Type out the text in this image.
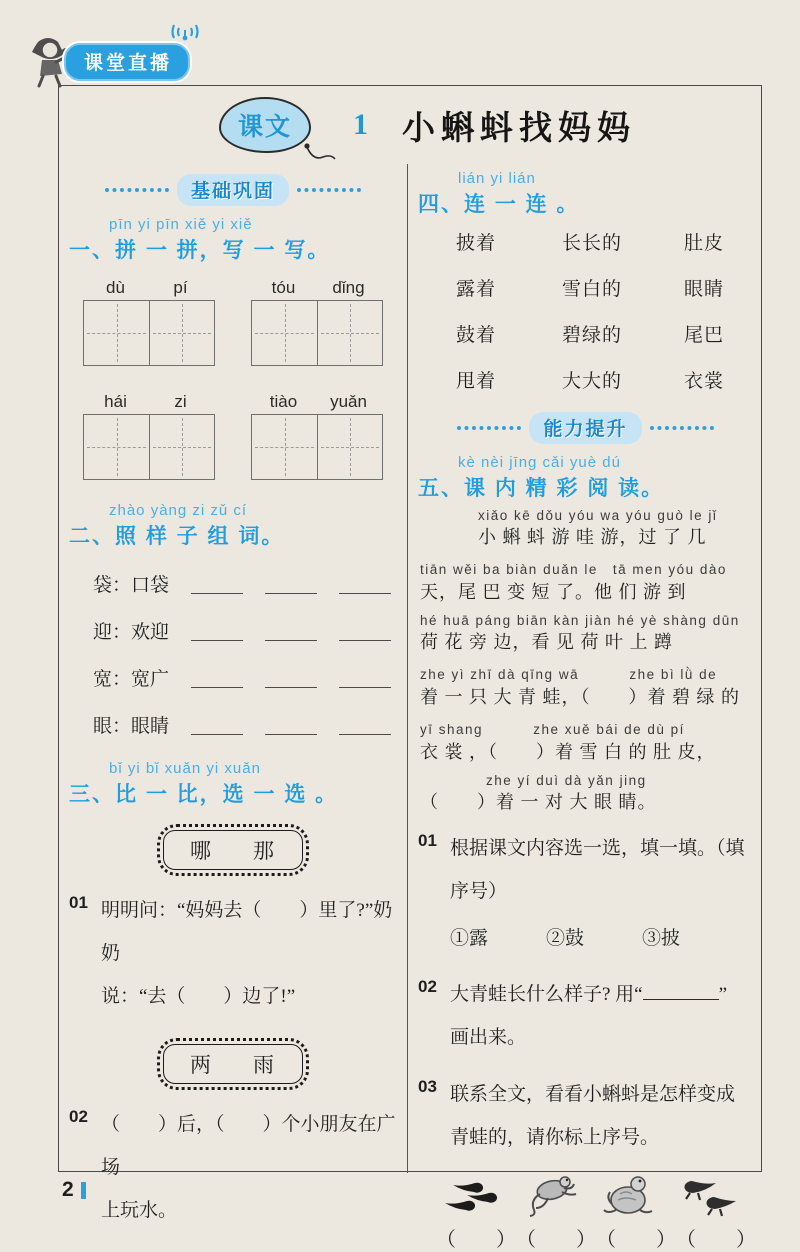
课堂直播
课文 1 小蝌蚪找妈妈
基础巩固
pīn yi pīn xiě yi xiě
一、拼 一 拼，写 一 写。
dù	pí	tóu	dǐng
hái	zi	tiào	yuǎn
zhào yàng zi zǔ cí
二、照 样 子 组 词。
袋：口袋
迎：欢迎
宽：宽广
眼：眼睛
bǐ yi bǐ xuǎn yi xuǎn
三、比 一 比，选 一 选 。
哪 那
01 明明问：“妈妈去（　　）里了?”奶奶
说：“去（　　）边了!”
两 雨
02 （　　）后，（　　）个小朋友在广场
上玩水。
lián yi lián
四、连 一 连 。
披着	长长的	肚皮
露着	雪白的	眼睛
鼓着	碧绿的	尾巴
甩着	大大的	衣裳
能力提升
kè nèi jīng cǎi yuè dú
五、课 内 精 彩 阅 读。
xiǎo kē dǒu yóu wa yóu guò le jǐ
小 蝌 蚪 游 哇 游，过 了 几
tiān wěi ba biàn duǎn le　tā men yóu dào
天，尾 巴 变 短 了。他 们 游 到
hé huā páng biān kàn jiàn hé yè shàng dūn
荷 花 旁 边，看 见 荷 叶 上 蹲
zhe yì zhī dà qīng wā　　　 zhe bì lǜ de
着 一 只 大 青 蛙，（　　）着 碧 绿 的
yī shang　　　 zhe xuě bái de dù pí
衣 裳 ，（　　）着 雪 白 的 肚 皮，
zhe yí duì dà yǎn jing
（　　）着 一 对 大 眼 睛。
01 根据课文内容选一选，填一填。（填
序号）
①露	②鼓	③披
02 大青蛙长什么样子? 用“	”
画出来。
03 联系全文，看看小蝌蚪是怎样变成
青蛙的，请你标上序号。
（　　） （　　） （　　） （　　）
2
